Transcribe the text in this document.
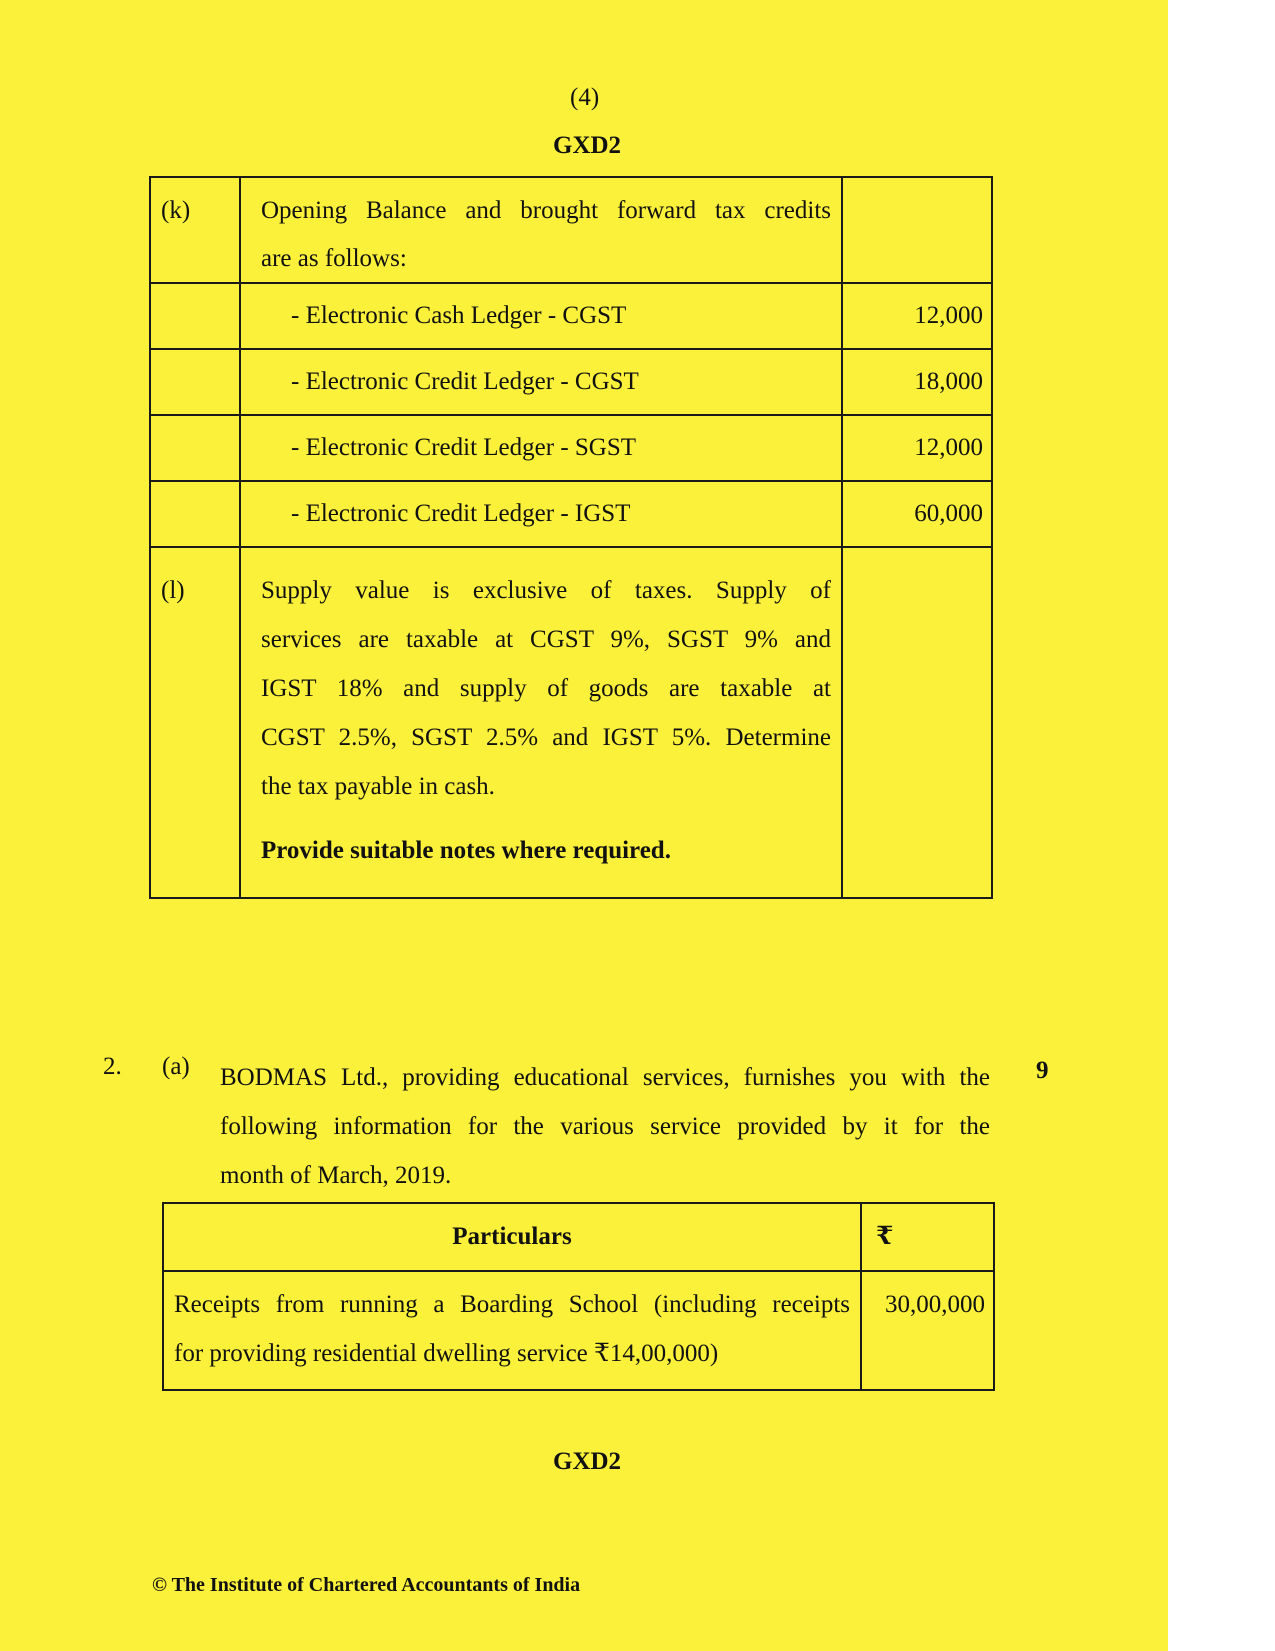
(4)
GXD2
(k)	Opening Balance and brought forward tax credits
are as follows:
- Electronic Cash Ledger - CGST	12,000
- Electronic Credit Ledger - CGST	18,000
- Electronic Credit Ledger - SGST	12,000
- Electronic Credit Ledger - IGST	60,000
(l)	Supply value is exclusive of taxes. Supply of
services are taxable at CGST 9%, SGST 9% and
IGST 18% and supply of goods are taxable at
CGST 2.5%, SGST 2.5% and IGST 5%. Determine
the tax payable in cash.
Provide suitable notes where required.
2. (a) BODMAS Ltd., providing educational services, furnishes you with the
following information for the various service provided by it for the
month of March, 2019.
9
Particulars	₹
Receipts from running a Boarding School (including receipts
for providing residential dwelling service ₹14,00,000)
30,00,000
GXD2
© The Institute of Chartered Accountants of India
